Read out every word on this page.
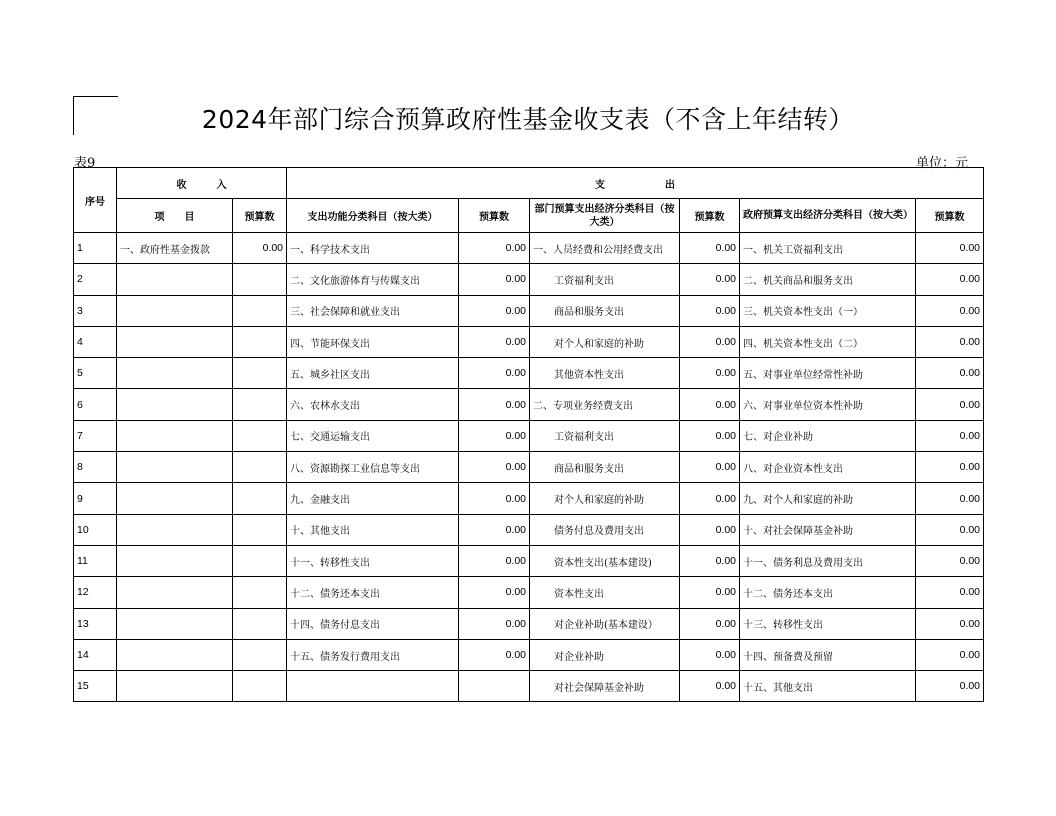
2024年部门综合预算政府性基金收支表（不含上年结转）
表9	单位：元
序号	收　　　入		支　　　　　　出					
	项　　目	预算数	支出功能分类科目（按大类）	预算数	部门预算支出经济分类科目（按大类）	预算数	政府预算支出经济分类科目（按大类）	预算数
1	一、政府性基金拨款	0.00	一、科学技术支出	0.00	一、人员经费和公用经费支出	0.00	一、机关工资福利支出	0.00
2			二、文化旅游体育与传媒支出	0.00	工资福利支出	0.00	二、机关商品和服务支出	0.00
3			三、社会保障和就业支出	0.00	商品和服务支出	0.00	三、机关资本性支出（一）	0.00
4			四、节能环保支出	0.00	对个人和家庭的补助	0.00	四、机关资本性支出（二）	0.00
5			五、城乡社区支出	0.00	其他资本性支出	0.00	五、对事业单位经常性补助	0.00
6			六、农林水支出	0.00	二、专项业务经费支出	0.00	六、对事业单位资本性补助	0.00
7			七、交通运输支出	0.00	工资福利支出	0.00	七、对企业补助	0.00
8			八、资源勘探工业信息等支出	0.00	商品和服务支出	0.00	八、对企业资本性支出	0.00
9			九、金融支出	0.00	对个人和家庭的补助	0.00	九、对个人和家庭的补助	0.00
10			十、其他支出	0.00	债务付息及费用支出	0.00	十、对社会保障基金补助	0.00
11			十一、转移性支出	0.00	资本性支出(基本建设)	0.00	十一、债务利息及费用支出	0.00
12			十二、债务还本支出	0.00	资本性支出	0.00	十二、债务还本支出	0.00
13			十四、债务付息支出	0.00	对企业补助(基本建设）	0.00	十三、转移性支出	0.00
14			十五、债务发行费用支出	0.00	对企业补助	0.00	十四、预备费及预留	0.00
15					对社会保障基金补助	0.00	十五、其他支出	0.00
